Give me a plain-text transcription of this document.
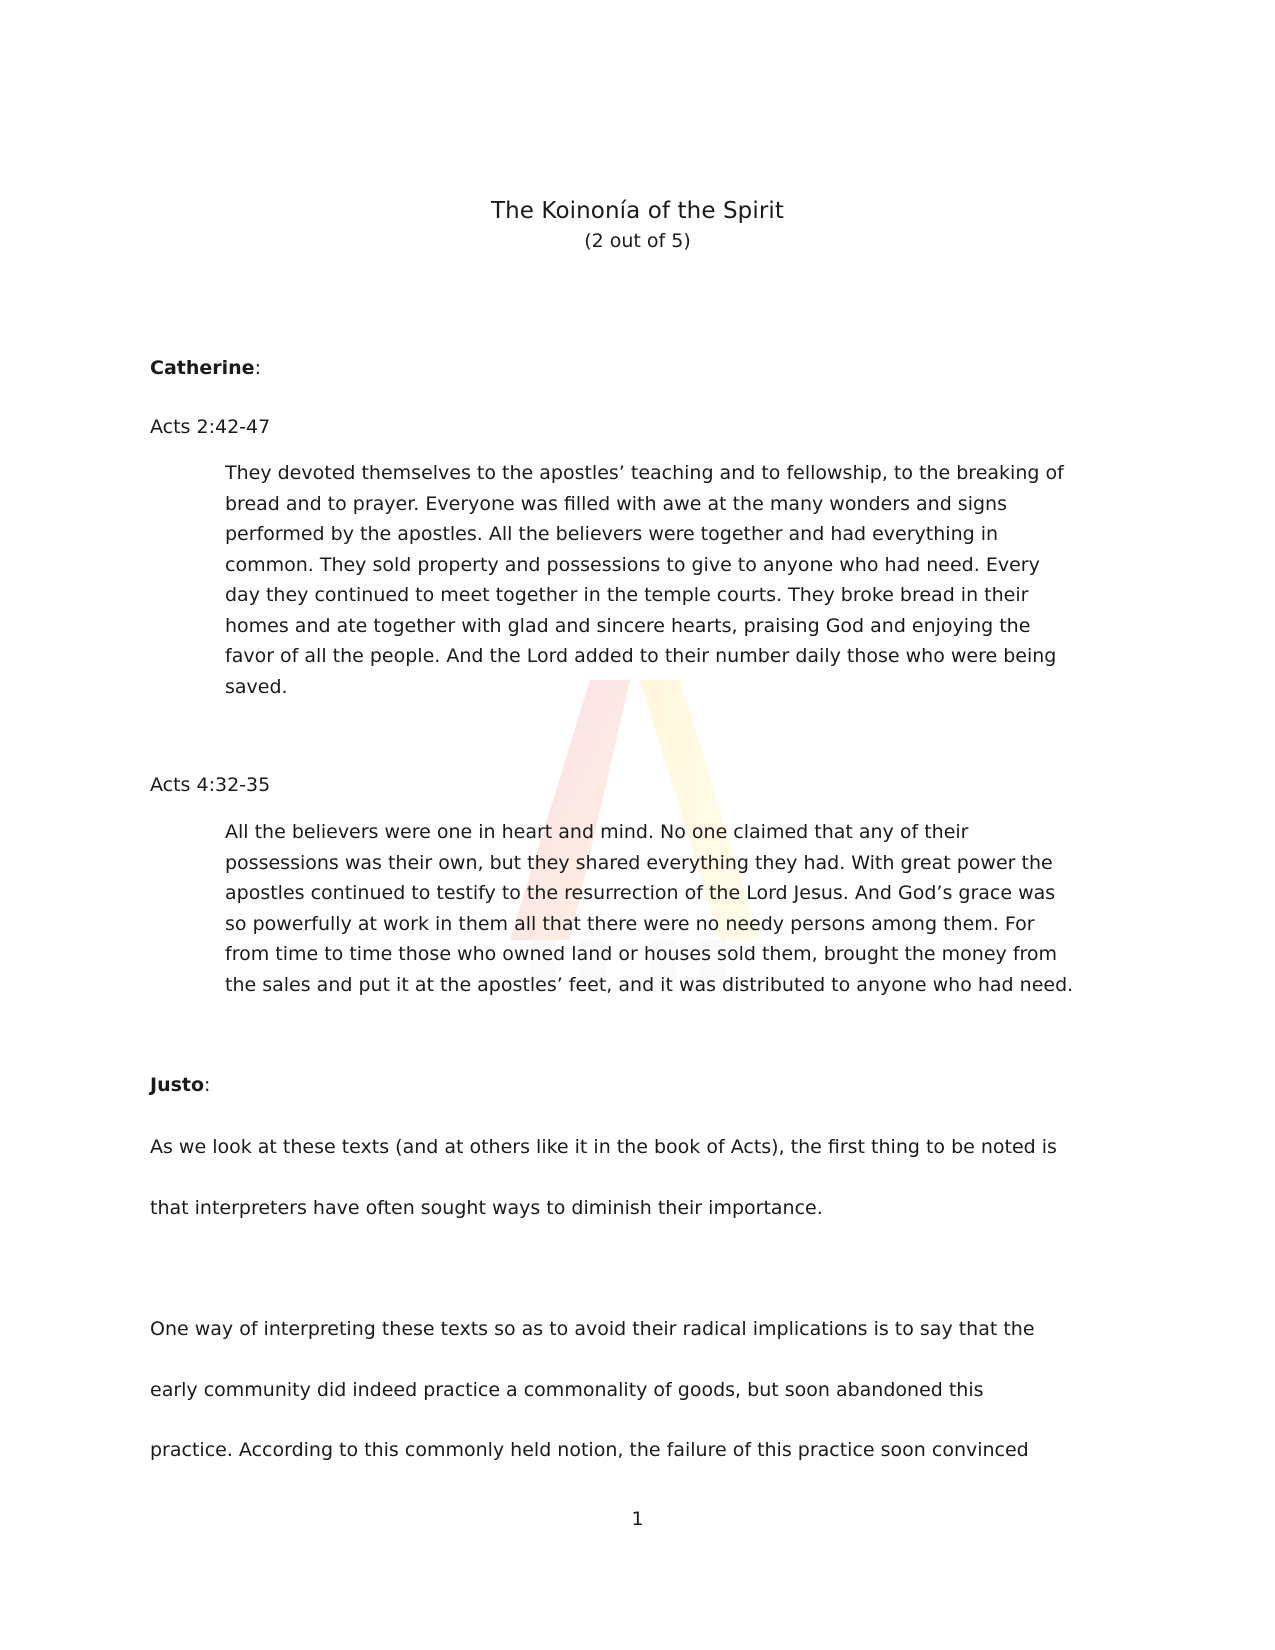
The Koinonía of the Spirit
(2 out of 5)
Catherine:
Acts 2:42-47
They devoted themselves to the apostles’ teaching and to fellowship, to the breaking of
bread and to prayer. Everyone was filled with awe at the many wonders and signs
performed by the apostles. All the believers were together and had everything in
common. They sold property and possessions to give to anyone who had need. Every
day they continued to meet together in the temple courts. They broke bread in their
homes and ate together with glad and sincere hearts, praising God and enjoying the
favor of all the people. And the Lord added to their number daily those who were being
saved.
Acts 4:32-35
All the believers were one in heart and mind. No one claimed that any of their
possessions was their own, but they shared everything they had. With great power the
apostles continued to testify to the resurrection of the Lord Jesus. And God’s grace was
so powerfully at work in them all that there were no needy persons among them. For
from time to time those who owned land or houses sold them, brought the money from
the sales and put it at the apostles’ feet, and it was distributed to anyone who had need.
Justo:
As we look at these texts (and at others like it in the book of Acts), the first thing to be noted is
that interpreters have often sought ways to diminish their importance.
One way of interpreting these texts so as to avoid their radical implications is to say that the
early community did indeed practice a commonality of goods, but soon abandoned this
practice. According to this commonly held notion, the failure of this practice soon convinced
1
